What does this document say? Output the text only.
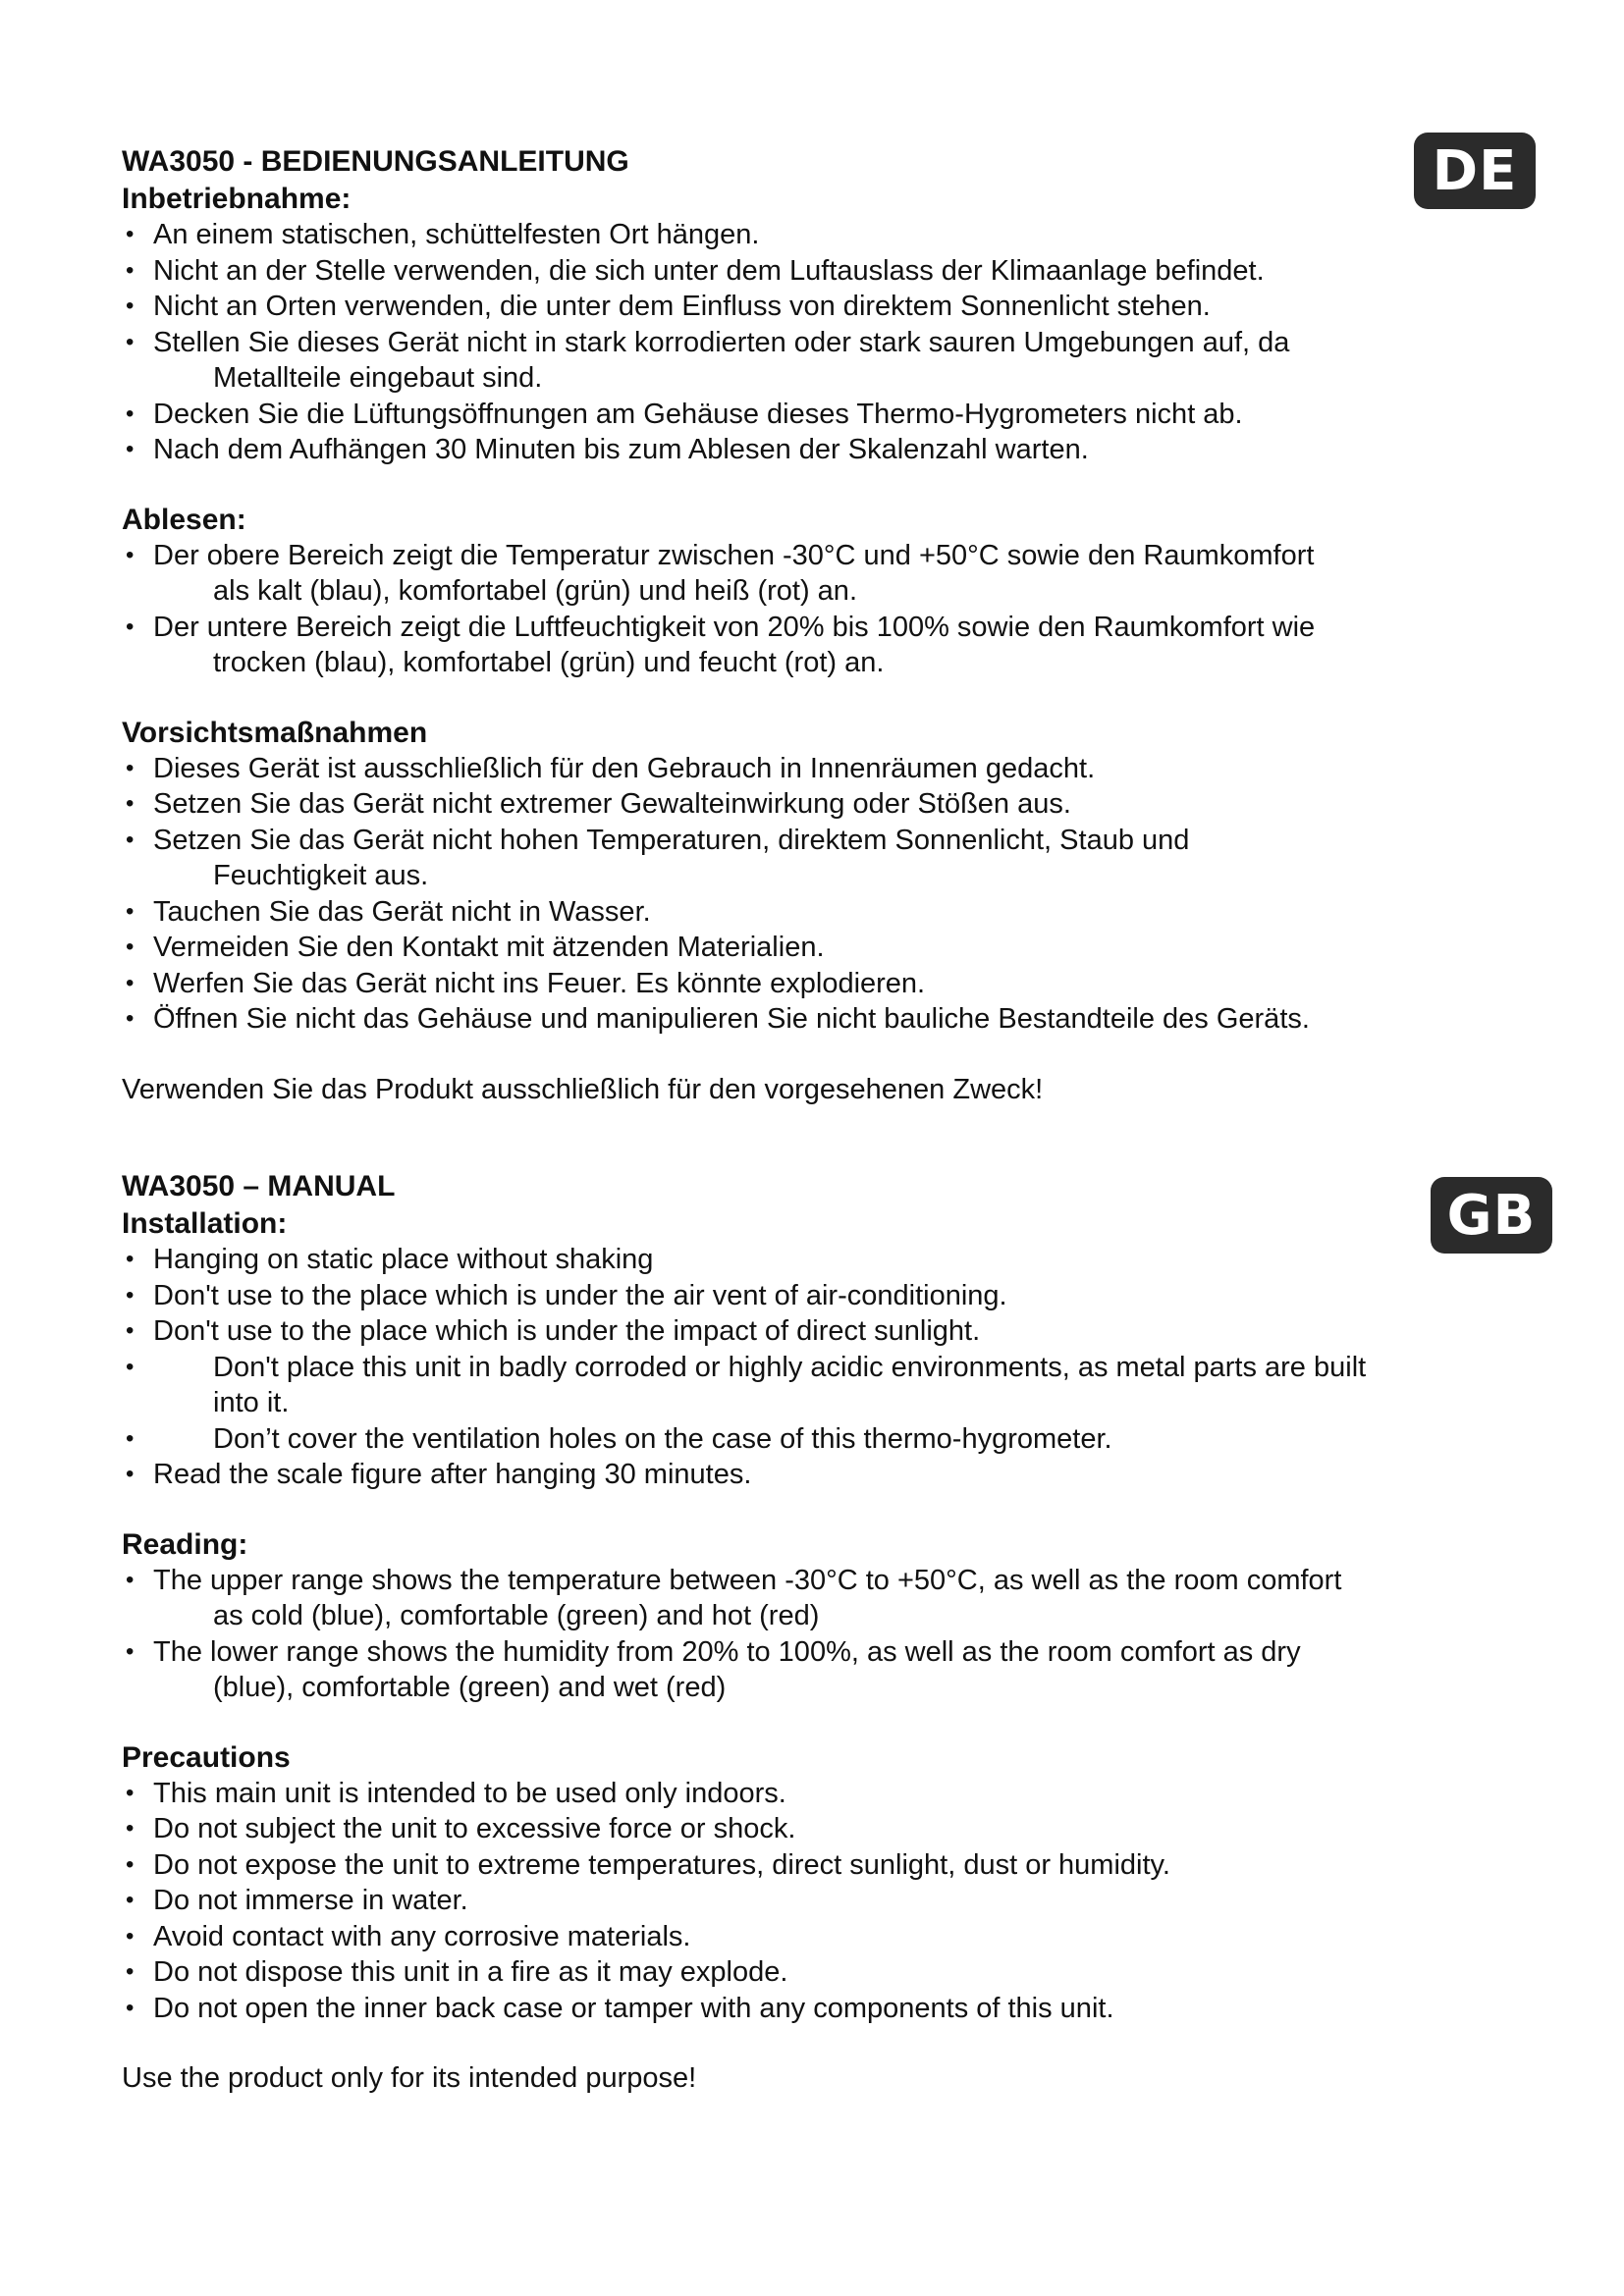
DE
GB

WA3050 - BEDIENUNGSANLEITUNG

Inbetriebnahme:

• An einem statischen, schüttelfesten Ort hängen.
• Nicht an der Stelle verwenden, die sich unter dem Luftauslass der Klimaanlage befindet.
• Nicht an Orten verwenden, die unter dem Einfluss von direktem Sonnenlicht stehen.
• Stellen Sie dieses Gerät nicht in stark korrodierten oder stark sauren Umgebungen auf, da
Metallteile eingebaut sind.
• Decken Sie die Lüftungsöffnungen am Gehäuse dieses Thermo-Hygrometers nicht ab.
• Nach dem Aufhängen 30 Minuten bis zum Ablesen der Skalenzahl warten.

Ablesen:

• Der obere Bereich zeigt die Temperatur zwischen -30°C und +50°C sowie den Raumkomfort
als kalt (blau), komfortabel (grün) und heiß (rot) an.
• Der untere Bereich zeigt die Luftfeuchtigkeit von 20% bis 100% sowie den Raumkomfort wie
trocken (blau), komfortabel (grün) und feucht (rot) an.

Vorsichtsmaßnahmen

• Dieses Gerät ist ausschließlich für den Gebrauch in Innenräumen gedacht.
• Setzen Sie das Gerät nicht extremer Gewalteinwirkung oder Stößen aus.
• Setzen Sie das Gerät nicht hohen Temperaturen, direktem Sonnenlicht, Staub und
Feuchtigkeit aus.
• Tauchen Sie das Gerät nicht in Wasser.
• Vermeiden Sie den Kontakt mit ätzenden Materialien.
• Werfen Sie das Gerät nicht ins Feuer. Es könnte explodieren.
• Öffnen Sie nicht das Gehäuse und manipulieren Sie nicht bauliche Bestandteile des Geräts.

Verwenden Sie das Produkt ausschließlich für den vorgesehenen Zweck!

WA3050 – MANUAL

Installation:

• Hanging on static place without shaking
• Don't use to the place which is under the air vent of air-conditioning.
• Don't use to the place which is under the impact of direct sunlight.
•	Don't place this unit in badly corroded or highly acidic environments, as metal parts are built
into it.
•	Don’t cover the ventilation holes on the case of this thermo-hygrometer.
• Read the scale figure after hanging 30 minutes.

Reading:

• The upper range shows the temperature between -30°C to +50°C, as well as the room comfort
as cold (blue), comfortable (green) and hot (red)
• The lower range shows the humidity from 20% to 100%, as well as the room comfort as dry
(blue), comfortable (green) and wet (red)

Precautions

• This main unit is intended to be used only indoors.
• Do not subject the unit to excessive force or shock.
• Do not expose the unit to extreme temperatures, direct sunlight, dust or humidity.
• Do not immerse in water.
• Avoid contact with any corrosive materials.
• Do not dispose this unit in a fire as it may explode.
• Do not open the inner back case or tamper with any components of this unit.

Use the product only for its intended purpose!
